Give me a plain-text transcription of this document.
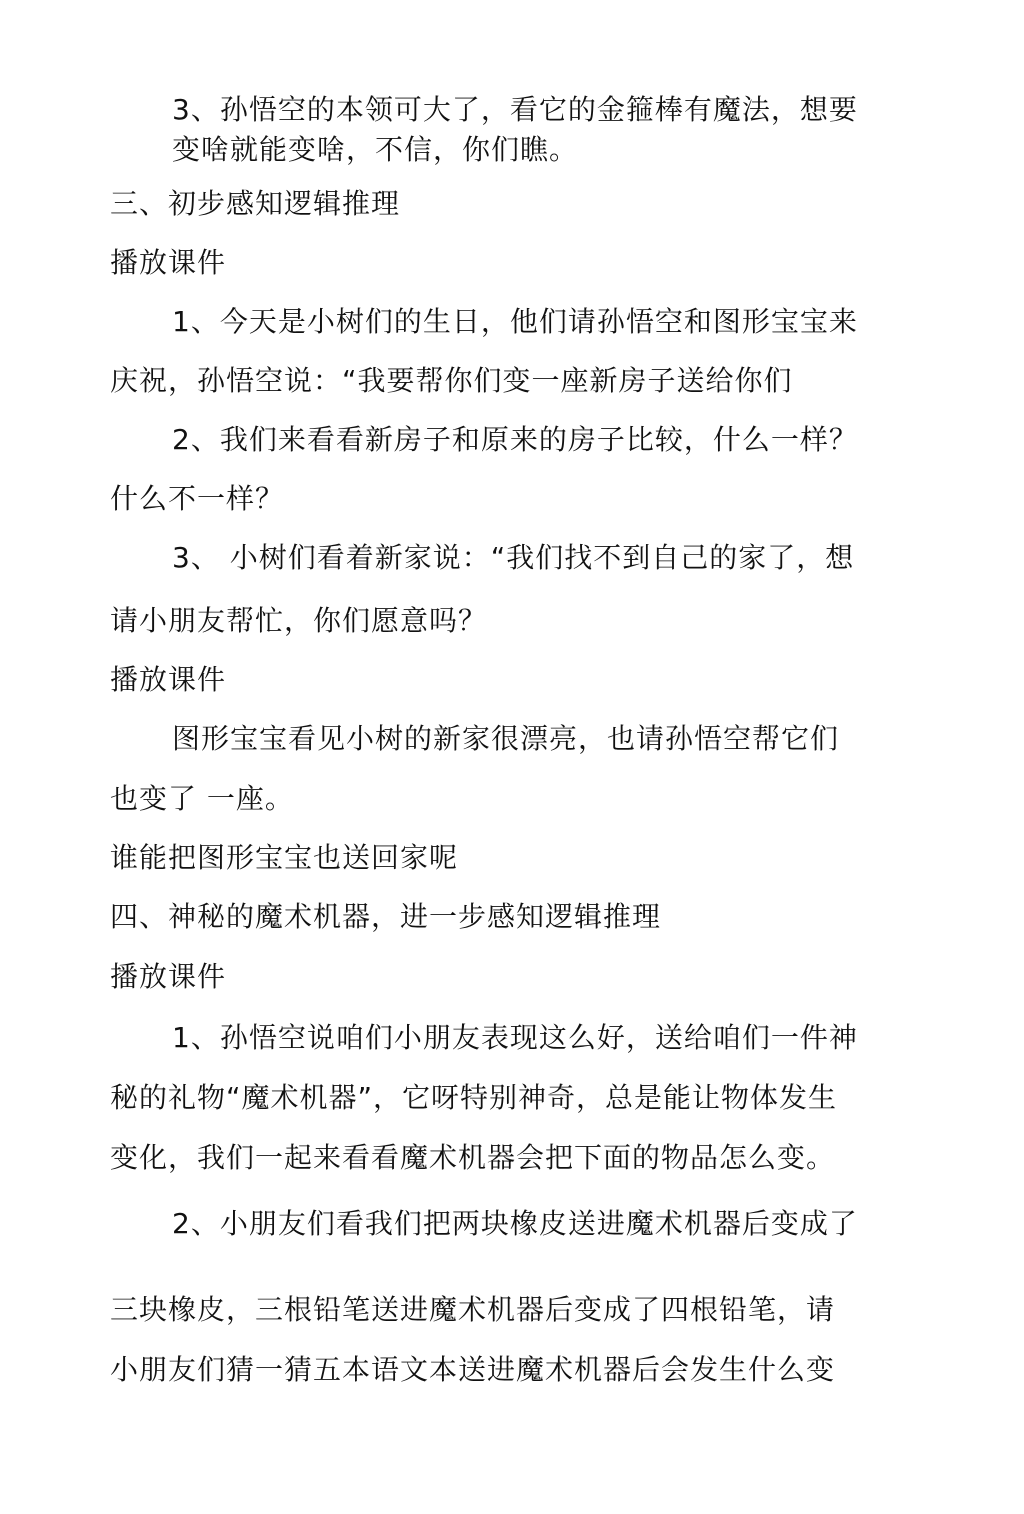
3、孙悟空的本领可大了，看它的金箍棒有魔法，想要

变啥就能变啥，不信，你们瞧。

三、初步感知逻辑推理

播放课件

1、今天是小树们的生日，他们请孙悟空和图形宝宝来

庆祝，孙悟空说：“我要帮你们变一座新房子送给你们

2、我们来看看新房子和原来的房子比较，什么一样？

什么不一样？

3、 小树们看着新家说：“我们找不到自己的家了，想

请小朋友帮忙，你们愿意吗？

播放课件

图形宝宝看见小树的新家很漂亮，也请孙悟空帮它们

也变了 一座。

谁能把图形宝宝也送回家呢

四、神秘的魔术机器，进一步感知逻辑推理

播放课件

1、孙悟空说咱们小朋友表现这么好，送给咱们一件神

秘的礼物“魔术机器”，它呀特别神奇，总是能让物体发生

变化，我们一起来看看魔术机器会把下面的物品怎么变。

2、小朋友们看我们把两块橡皮送进魔术机器后变成了

三块橡皮，三根铅笔送进魔术机器后变成了四根铅笔，请

小朋友们猜一猜五本语文本送进魔术机器后会发生什么变
